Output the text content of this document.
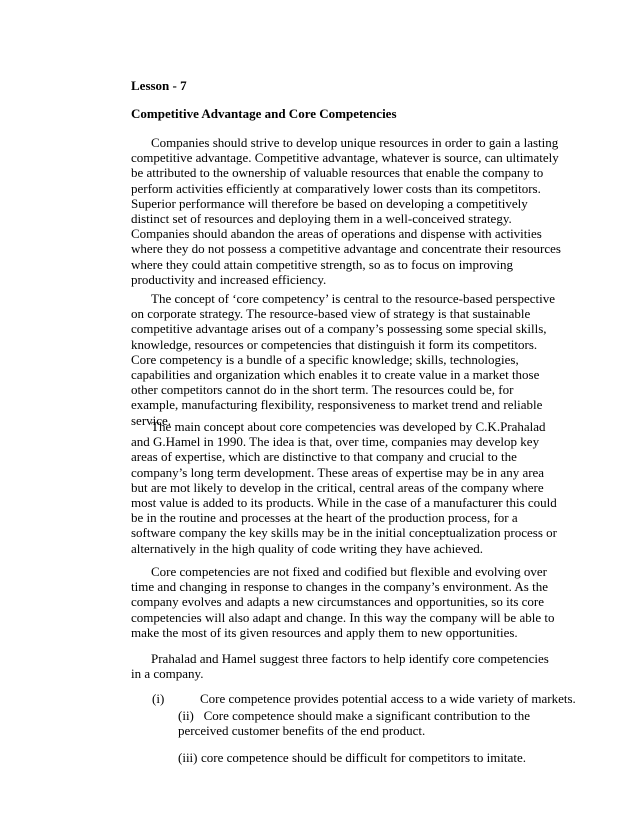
Lesson - 7
Competitive Advantage and Core Competencies

Companies should strive to develop unique resources in order to gain a lasting competitive advantage. Competitive advantage, whatever is source, can ultimately be attributed to the ownership of valuable resources that enable the company to perform activities efficiently at comparatively lower costs than its competitors. Superior performance will therefore be based on developing a competitively distinct set of resources and deploying them in a well-conceived strategy. Companies should abandon the areas of operations and dispense with activities where they do not possess a competitive advantage and concentrate their resources where they could attain competitive strength, so as to focus on improving productivity and increased efficiency.

The concept of ‘core competency’ is central to the resource-based perspective on corporate strategy. The resource-based view of strategy is that sustainable competitive advantage arises out of a company’s possessing some special skills, knowledge, resources or competencies that distinguish it form its competitors. Core competency is a bundle of a specific knowledge; skills, technologies, capabilities and organization which enables it to create value in a market those other competitors cannot do in the short term. The resources could be, for example, manufacturing flexibility, responsiveness to market trend and reliable service.

The main concept about core competencies was developed by C.K.Prahalad and G.Hamel in 1990. The idea is that, over time, companies may develop key areas of expertise, which are distinctive to that company and crucial to the company’s long term development. These areas of expertise may be in any area but are mot likely to develop in the critical, central areas of the company where most value is added to its products. While in the case of a manufacturer this could be in the routine and processes at the heart of the production process, for a software company the key skills may be in the initial conceptualization process or alternatively in the high quality of code writing they have achieved.

Core competencies are not fixed and codified but flexible and evolving over time and changing in response to changes in the company’s environment. As the company evolves and adapts a new circumstances and opportunities, so its core competencies will also adapt and change. In this way the company will be able to make the most of its given resources and apply them to new opportunities.

Prahalad and Hamel suggest three factors to help identify core competencies in a company.

(i)	Core competence provides potential access to a wide variety of markets.
(ii) Core competence should make a significant contribution to the perceived customer benefits of the end product.
(iii) core competence should be difficult for competitors to imitate.
